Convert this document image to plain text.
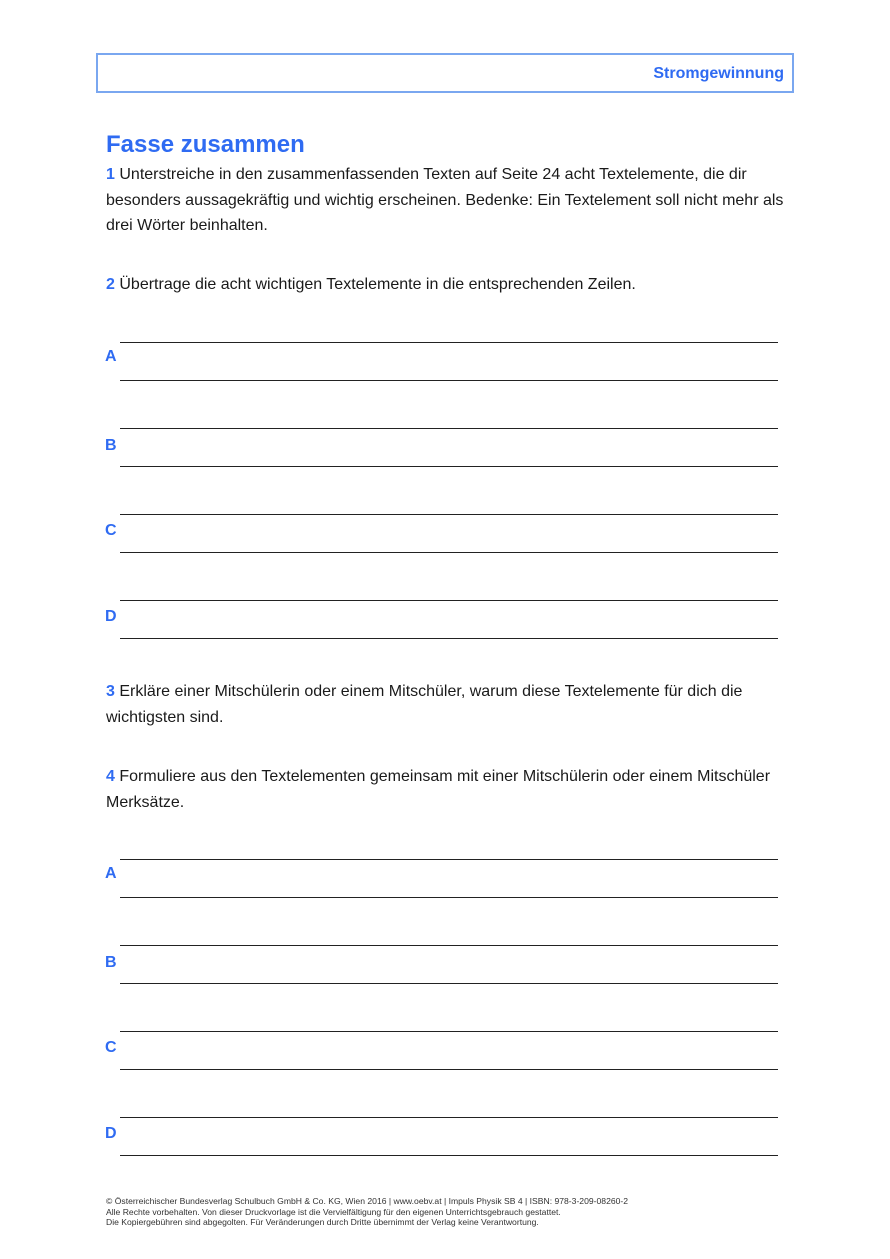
Stromgewinnung
Fasse zusammen

1 Unterstreiche in den zusammenfassenden Texten auf Seite 24 acht Textelemente, die dir besonders aussagekräftig und wichtig erscheinen. Bedenke: Ein Textelement soll nicht mehr als drei Wörter beinhalten.

2 Übertrage die acht wichtigen Textelemente in die entsprechenden Zeilen.

A
B
C
D

3 Erkläre einer Mitschülerin oder einem Mitschüler, warum diese Textelemente für dich die wichtigsten sind.

4 Formuliere aus den Textelementen gemeinsam mit einer Mitschülerin oder einem Mitschüler Merksätze.

A
B
C
D
© Österreichischer Bundesverlag Schulbuch GmbH & Co. KG, Wien 2016 | www.oebv.at | Impuls Physik SB 4 | ISBN: 978-3-209-08260-2
Alle Rechte vorbehalten. Von dieser Druckvorlage ist die Vervielfältigung für den eigenen Unterrichtsgebrauch gestattet.
Die Kopiergebühren sind abgegolten. Für Veränderungen durch Dritte übernimmt der Verlag keine Verantwortung.
